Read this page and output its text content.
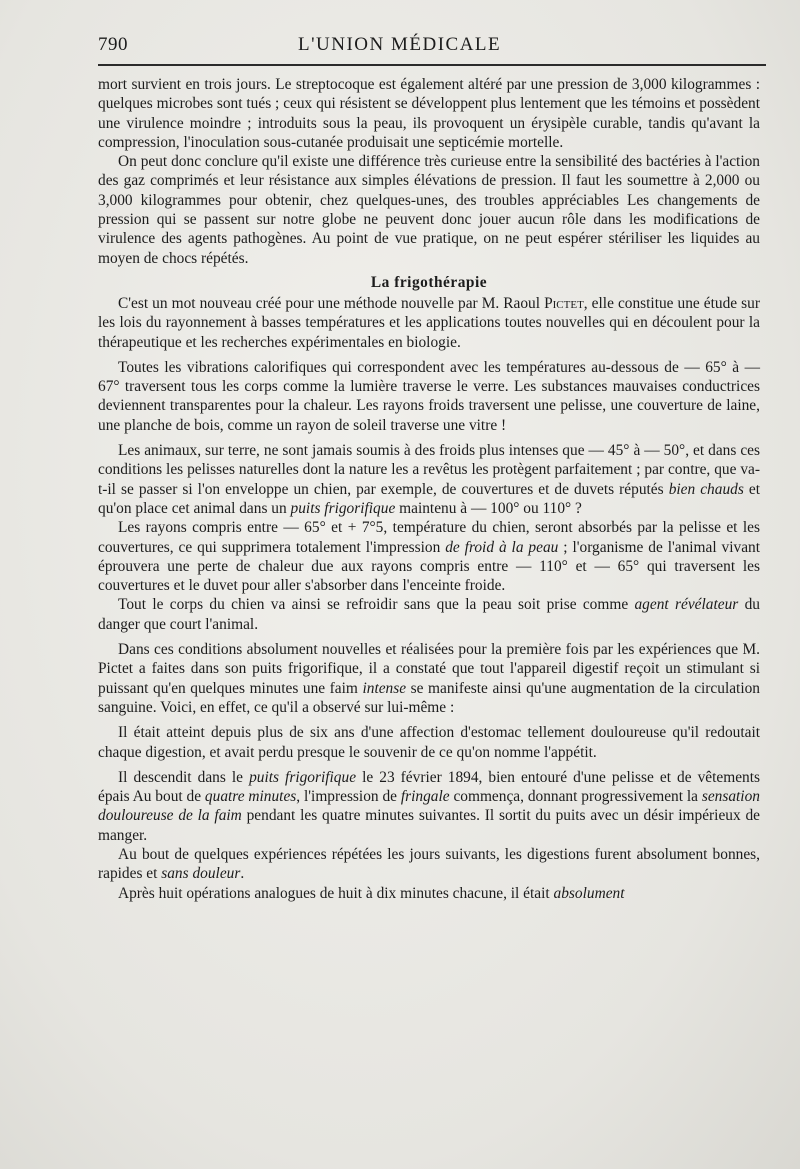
790	L'UNION MÉDICALE

mort survient en trois jours. Le streptocoque est également altéré par une pression de 3,000 kilogrammes : quelques microbes sont tués ; ceux qui résistent se développent plus lentement que les témoins et possèdent une virulence moindre ; introduits sous la peau, ils provoquent un érysipèle curable, tandis qu'avant la compression, l'inoculation sous-cutanée produisait une septicémie mortelle.

On peut donc conclure qu'il existe une différence très curieuse entre la sensibilité des bactéries à l'action des gaz comprimés et leur résistance aux simples élévations de pression. Il faut les soumettre à 2,000 ou 3,000 kilogrammes pour obtenir, chez quelques-unes, des troubles appréciables Les changements de pression qui se passent sur notre globe ne peuvent donc jouer aucun rôle dans les modifications de virulence des agents pathogènes. Au point de vue pratique, on ne peut espérer stériliser les liquides au moyen de chocs répétés.

La frigothérapie

C'est un mot nouveau créé pour une méthode nouvelle par M. Raoul Pictet, elle constitue une étude sur les lois du rayonnement à basses températures et les applications toutes nouvelles qui en découlent pour la thérapeutique et les recherches expérimentales en biologie.

Toutes les vibrations calorifiques qui correspondent avec les températures au-dessous de — 65° à — 67° traversent tous les corps comme la lumière traverse le verre. Les substances mauvaises conductrices deviennent transparentes pour la chaleur. Les rayons froids traversent une pelisse, une couverture de laine, une planche de bois, comme un rayon de soleil traverse une vitre !

Les animaux, sur terre, ne sont jamais soumis à des froids plus intenses que — 45° à — 50°, et dans ces conditions les pelisses naturelles dont la nature les a revêtus les protègent parfaitement ; par contre, que va-t-il se passer si l'on enveloppe un chien, par exemple, de couvertures et de duvets réputés bien chauds et qu'on place cet animal dans un puits frigorifique maintenu à — 100° ou 110° ?

Les rayons compris entre — 65° et + 7°5, température du chien, seront absorbés par la pelisse et les couvertures, ce qui supprimera totalement l'impression de froid à la peau ; l'organisme de l'animal vivant éprouvera une perte de chaleur due aux rayons compris entre — 110° et — 65° qui traversent les couvertures et le duvet pour aller s'absorber dans l'enceinte froide.

Tout le corps du chien va ainsi se refroidir sans que la peau soit prise comme agent révélateur du danger que court l'animal.

Dans ces conditions absolument nouvelles et réalisées pour la première fois par les expériences que M. Pictet a faites dans son puits frigorifique, il a constaté que tout l'appareil digestif reçoit un stimulant si puissant qu'en quelques minutes une faim intense se manifeste ainsi qu'une augmentation de la circulation sanguine. Voici, en effet, ce qu'il a observé sur lui-même :

Il était atteint depuis plus de six ans d'une affection d'estomac tellement douloureuse qu'il redoutait chaque digestion, et avait perdu presque le souvenir de ce qu'on nomme l'appétit.

Il descendit dans le puits frigorifique le 23 février 1894, bien entouré d'une pelisse et de vêtements épais Au bout de quatre minutes, l'impression de fringale commença, donnant progressivement la sensation douloureuse de la faim pendant les quatre minutes suivantes. Il sortit du puits avec un désir impérieux de manger.

Au bout de quelques expériences répétées les jours suivants, les digestions furent absolument bonnes, rapides et sans douleur.

Après huit opérations analogues de huit à dix minutes chacune, il était absolument
